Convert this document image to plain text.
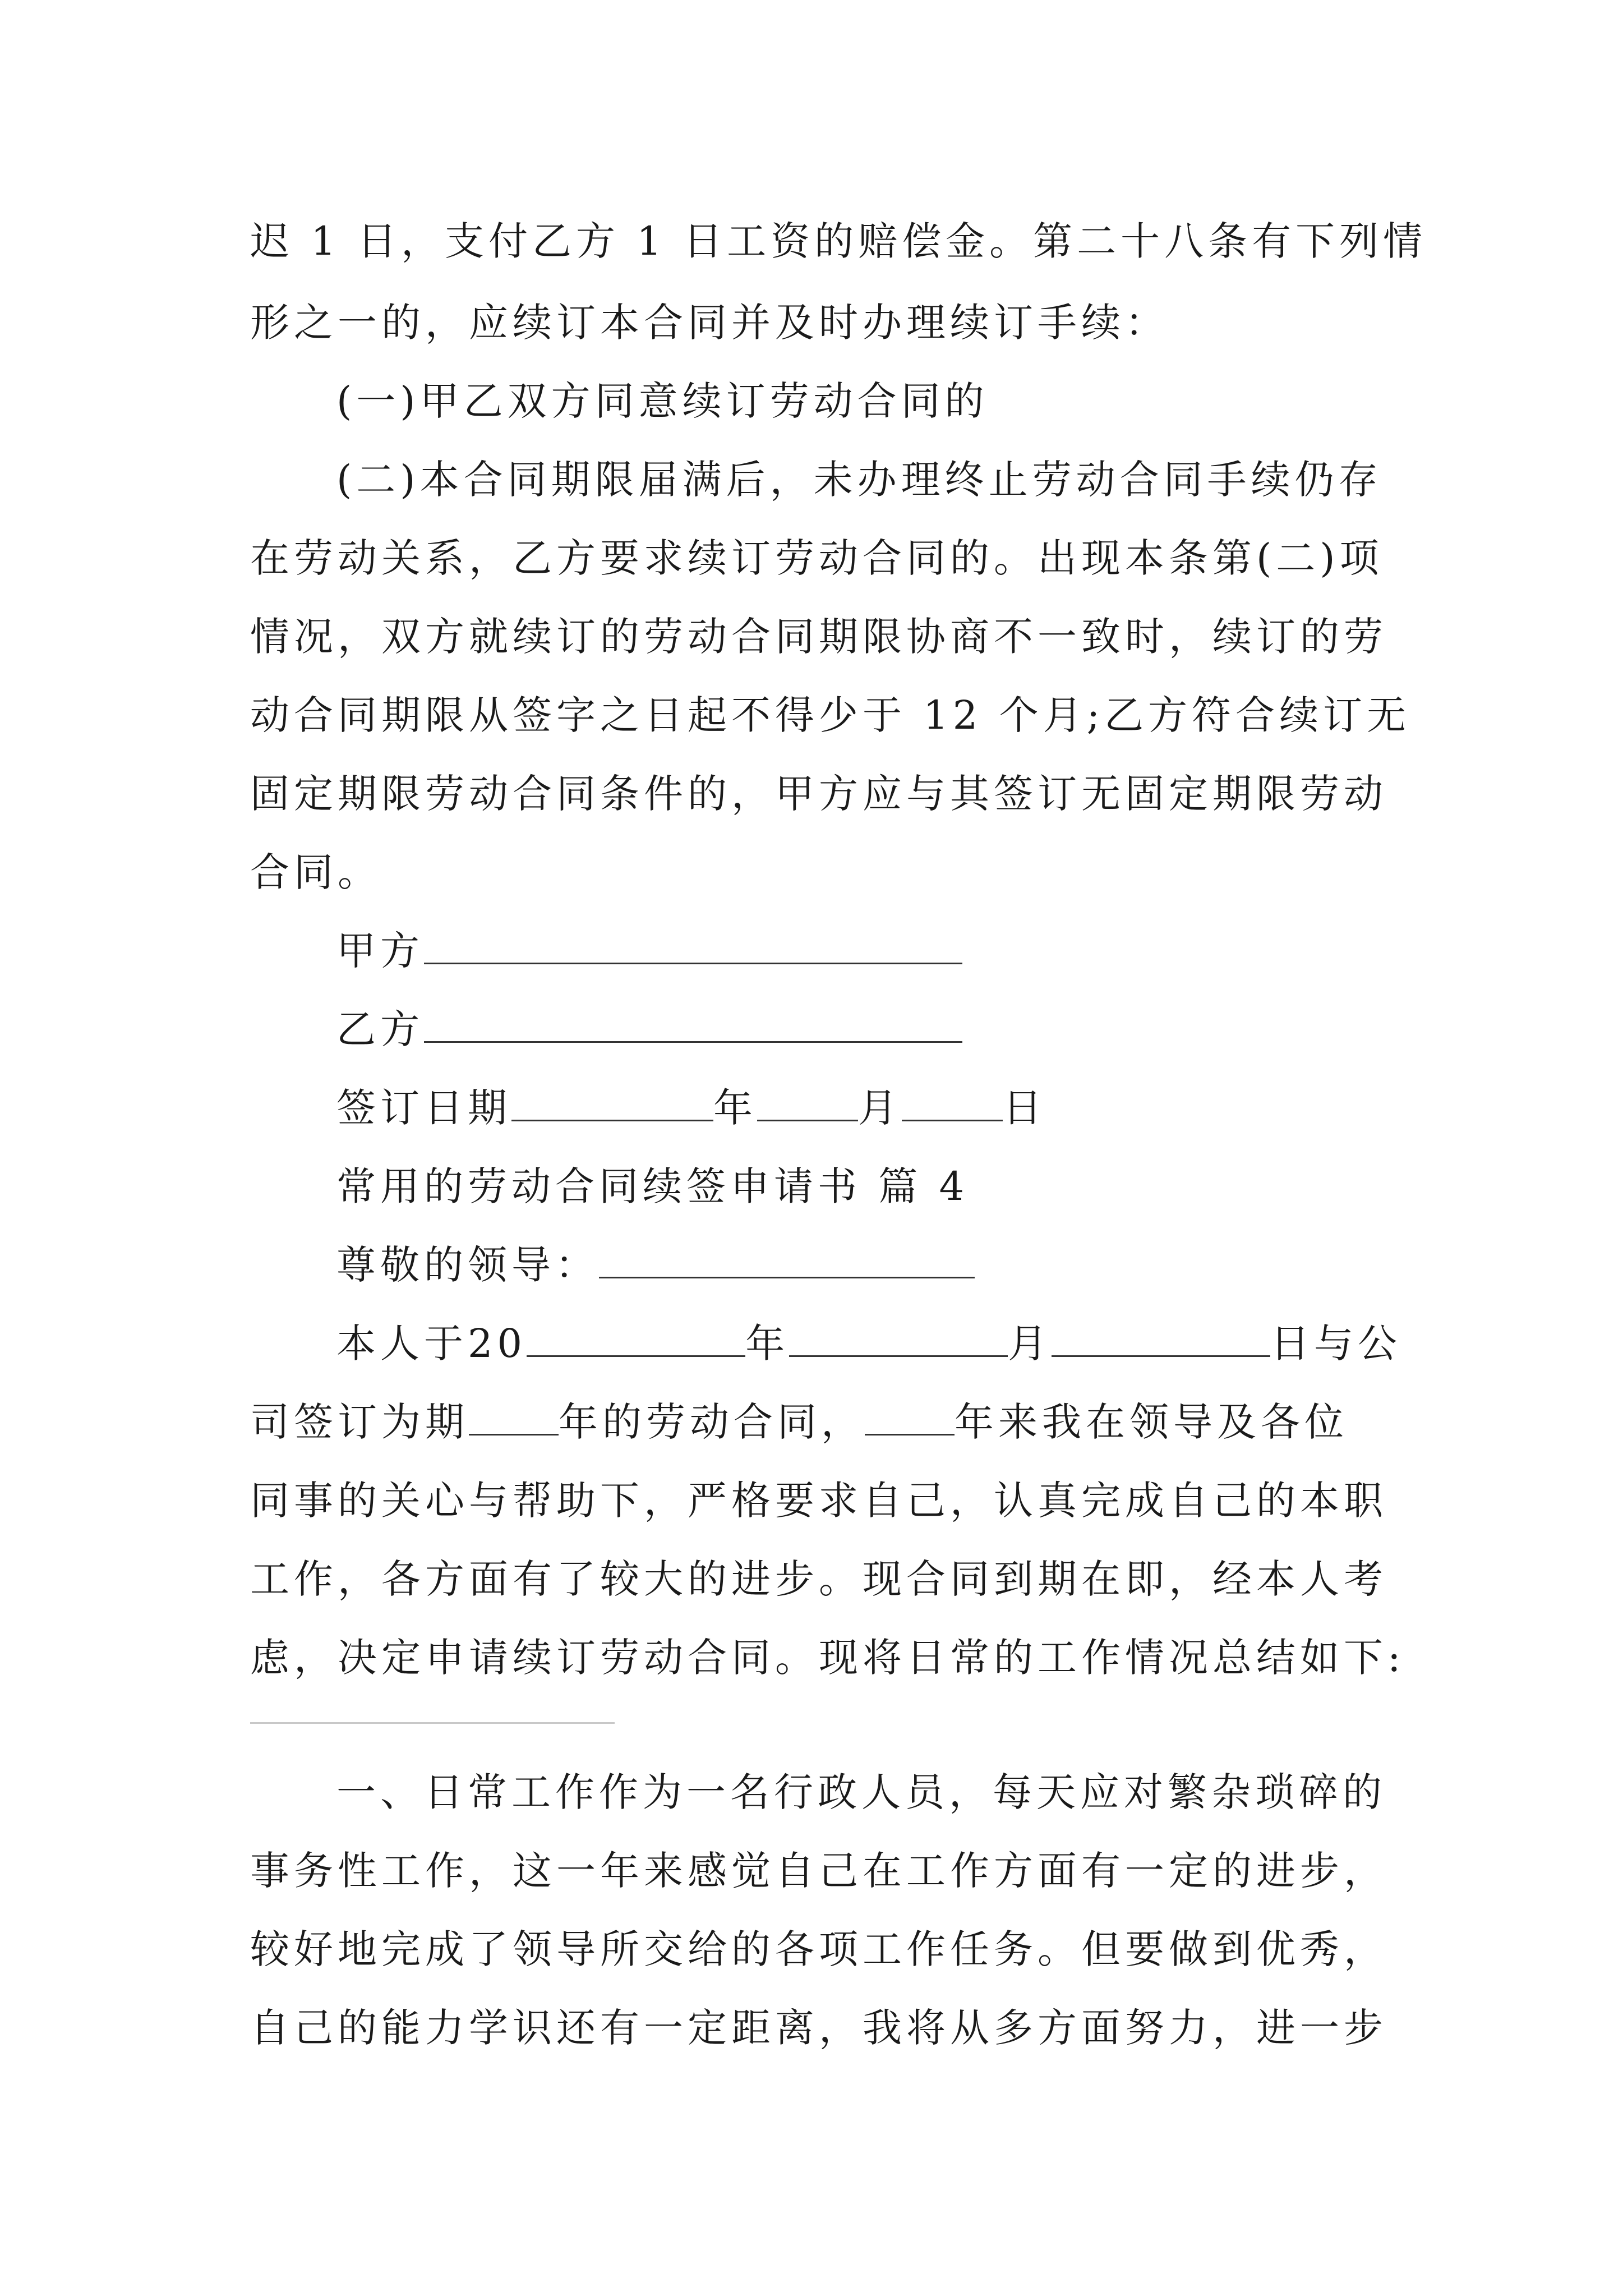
迟 1 日，支付乙方 1 日工资的赔偿金。第二十八条有下列情
形之一的，应续订本合同并及时办理续订手续：
(一)甲乙双方同意续订劳动合同的
(二)本合同期限届满后，未办理终止劳动合同手续仍存
在劳动关系，乙方要求续订劳动合同的。出现本条第(二)项
情况，双方就续订的劳动合同期限协商不一致时，续订的劳
动合同期限从签字之日起不得少于 12 个月;乙方符合续订无
固定期限劳动合同条件的，甲方应与其签订无固定期限劳动
合同。
甲方
乙方
签订日期	年	月	日
常用的劳动合同续签申请书 篇 4
尊敬的领导：
本人于20	年	月	日与公
司签订为期 年的劳动合同， 年来我在领导及各位
同事的关心与帮助下，严格要求自己，认真完成自己的本职
工作，各方面有了较大的进步。现合同到期在即，经本人考
虑，决定申请续订劳动合同。现将日常的工作情况总结如下:
一、日常工作作为一名行政人员，每天应对繁杂琐碎的
事务性工作，这一年来感觉自己在工作方面有一定的进步，
较好地完成了领导所交给的各项工作任务。但要做到优秀，
自己的能力学识还有一定距离，我将从多方面努力，进一步
